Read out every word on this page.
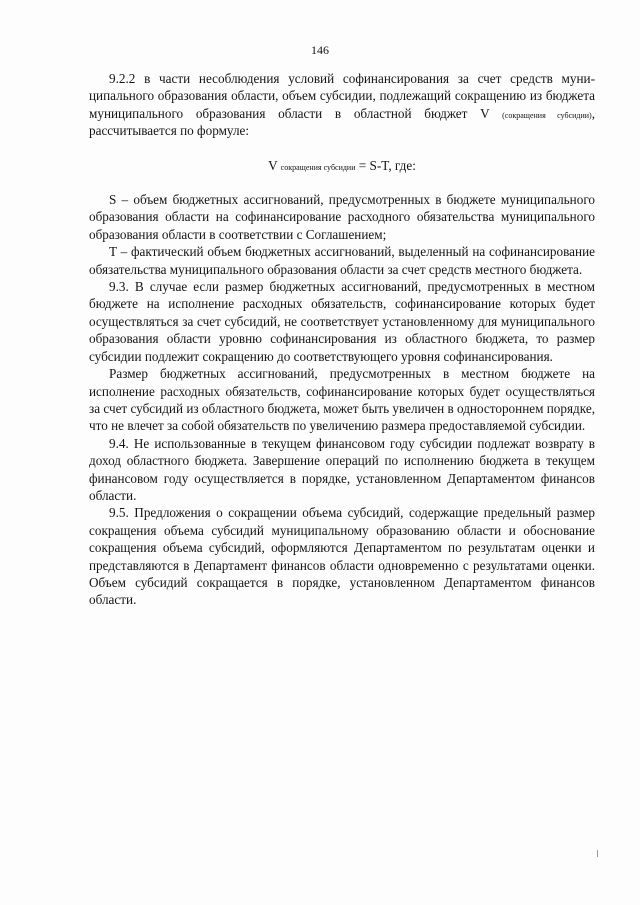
146

9.2.2 в части несоблюдения условий софинансирования за счет средств муниципального образования области, объем субсидии, подлежащий сокращению из бюджета муниципального образования области в областной бюджет V (сокращения субсидии), рассчитывается по формуле:

V сокращения субсидии = S-T, где:

S – объем бюджетных ассигнований, предусмотренных в бюджете муниципального образования области на софинансирование расходного обязательства муниципального образования области в соответствии с Соглашением;

T – фактический объем бюджетных ассигнований, выделенный на софинансирование обязательства муниципального образования области за счет средств местного бюджета.

9.3. В случае если размер бюджетных ассигнований, предусмотренных в местном бюджете на исполнение расходных обязательств, софинансирование которых будет осуществляться за счет субсидий, не соответствует установленному для муниципального образования области уровню софинансирования из областного бюджета, то размер субсидии подлежит сокращению до соответствующего уровня софинансирования.

Размер бюджетных ассигнований, предусмотренных в местном бюджете на исполнение расходных обязательств, софинансирование которых будет осуществляться за счет субсидий из областного бюджета, может быть увеличен в одностороннем порядке, что не влечет за собой обязательств по увеличению размера предоставляемой субсидии.

9.4. Не использованные в текущем финансовом году субсидии подлежат возврату в доход областного бюджета. Завершение операций по исполнению бюджета в текущем финансовом году осуществляется в порядке, установленном Департаментом финансов области.

9.5. Предложения о сокращении объема субсидий, содержащие предельный размер сокращения объема субсидий муниципальному образованию области и обоснование сокращения объема субсидий, оформляются Департаментом по результатам оценки и представляются в Департамент финансов области одновременно с результатами оценки. Объем субсидий сокращается в порядке, установленном Департаментом финансов области.
